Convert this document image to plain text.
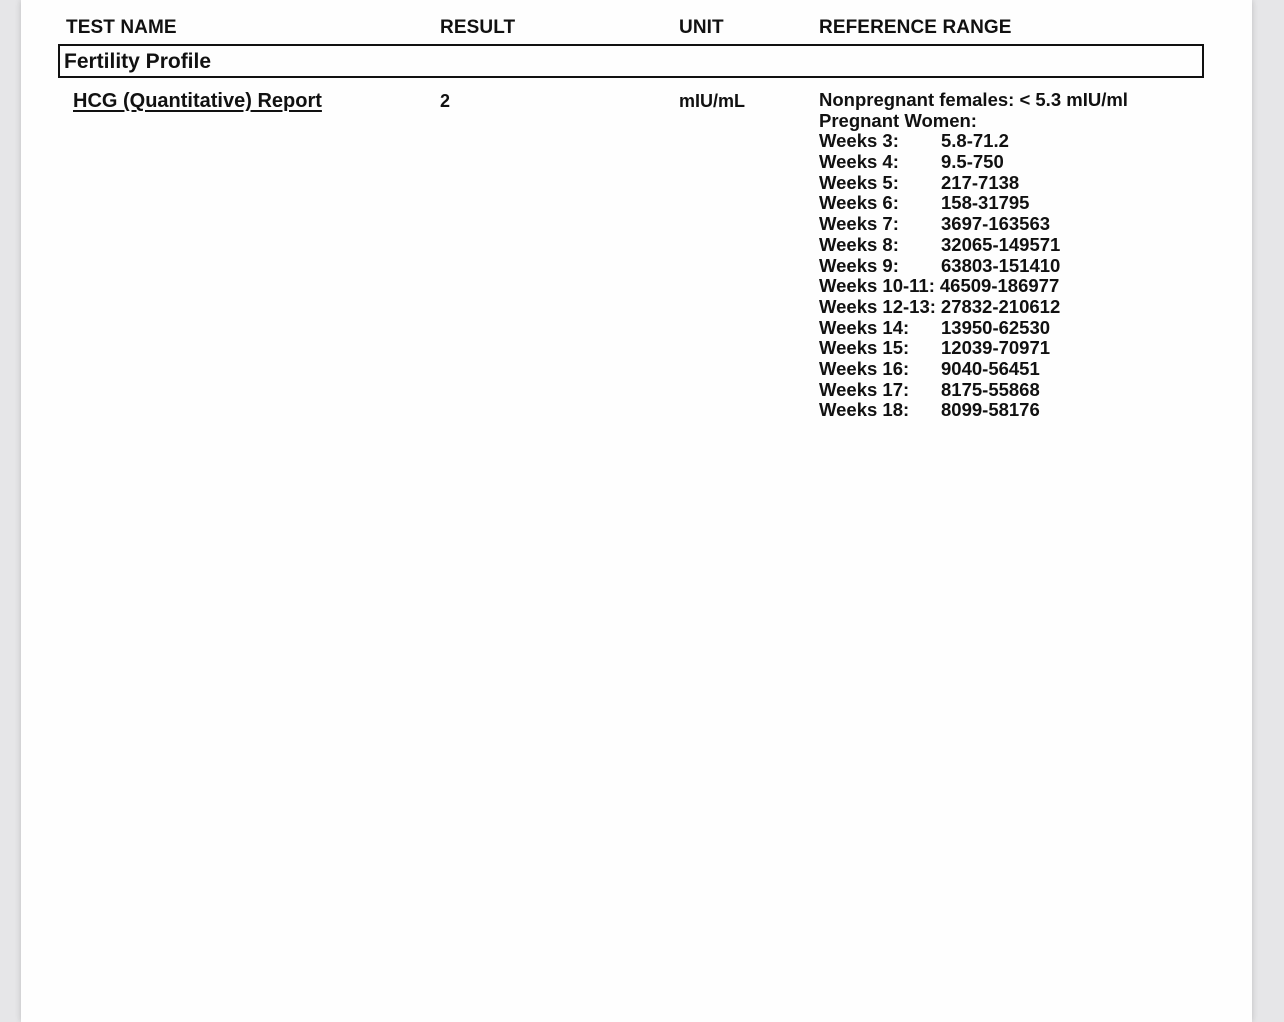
TEST NAME	RESULT	UNIT	REFERENCE RANGE
Fertility Profile
HCG (Quantitative) Report	2	mIU/mL	Nonpregnant females: < 5.3 mIU/ml
Pregnant Women:
Weeks 3:	5.8-71.2
Weeks 4:	9.5-750
Weeks 5:	217-7138
Weeks 6:	158-31795
Weeks 7:	3697-163563
Weeks 8:	32065-149571
Weeks 9:	63803-151410
Weeks 10-11: 46509-186977
Weeks 12-13: 27832-210612
Weeks 14:	13950-62530
Weeks 15:	12039-70971
Weeks 16:	9040-56451
Weeks 17:	8175-55868
Weeks 18:	8099-58176
